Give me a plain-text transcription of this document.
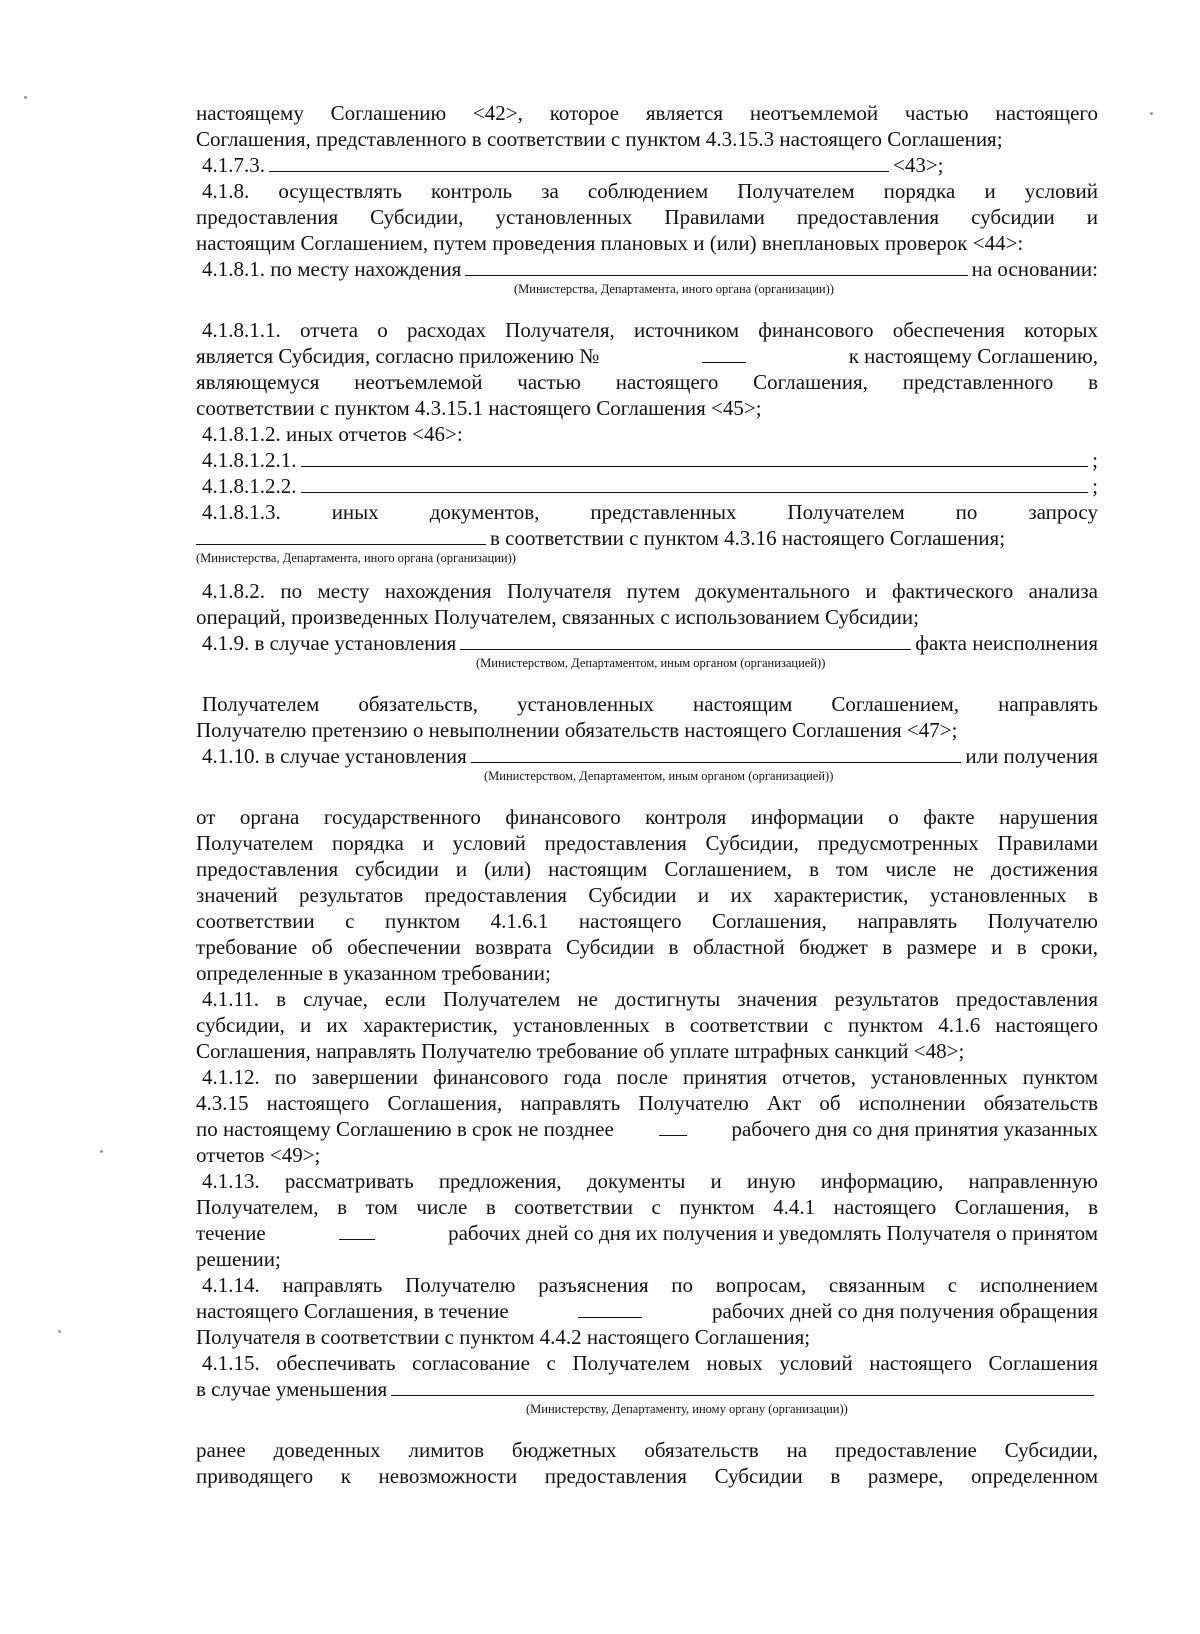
настоящему Соглашению <42>, которое является неотъемлемой частью настоящего
Соглашения, представленного в соответствии с пунктом 4.3.15.3 настоящего Соглашения;
4.1.7.3.	<43>;
4.1.8. осуществлять контроль за соблюдением Получателем порядка и условий
предоставления Субсидии, установленных Правилами предоставления субсидии и
настоящим Соглашением, путем проведения плановых и (или) внеплановых проверок <44>:
4.1.8.1. по месту нахождения	на основании:
(Министерства, Департамента, иного органа (организации))
4.1.8.1.1. отчета о расходах Получателя, источником финансового обеспечения которых
является Субсидия, согласно приложению №	к настоящему Соглашению,
являющемуся неотъемлемой частью настоящего Соглашения, представленного в
соответствии с пунктом 4.3.15.1 настоящего Соглашения <45>;
4.1.8.1.2. иных отчетов <46>:
4.1.8.1.2.1.	;
4.1.8.1.2.2.	;
4.1.8.1.3. иных документов, представленных Получателем по запросу
в соответствии с пунктом 4.3.16 настоящего Соглашения;
(Министерства, Департамента, иного органа (организации))
4.1.8.2. по месту нахождения Получателя путем документального и фактического анализа
операций, произведенных Получателем, связанных с использованием Субсидии;
4.1.9. в случае установления	факта неисполнения
(Министерством, Департаментом, иным органом (организацией))
Получателем обязательств, установленных настоящим Соглашением, направлять
Получателю претензию о невыполнении обязательств настоящего Соглашения <47>;
4.1.10. в случае установления	или получения
(Министерством, Департаментом, иным органом (организацией))
от органа государственного финансового контроля информации о факте нарушения
Получателем порядка и условий предоставления Субсидии, предусмотренных Правилами
предоставления субсидии и (или) настоящим Соглашением, в том числе не достижения
значений результатов предоставления Субсидии и их характеристик, установленных в
соответствии с пунктом 4.1.6.1 настоящего Соглашения, направлять Получателю
требование об обеспечении возврата Субсидии в областной бюджет в размере и в сроки,
определенные в указанном требовании;
4.1.11. в случае, если Получателем не достигнуты значения результатов предоставления
субсидии, и их характеристик, установленных в соответствии с пунктом 4.1.6 настоящего
Соглашения, направлять Получателю требование об уплате штрафных санкций <48>;
4.1.12. по завершении финансового года после принятия отчетов, установленных пунктом
4.3.15 настоящего Соглашения, направлять Получателю Акт об исполнении обязательств
по настоящему Соглашению в срок не позднее	рабочего дня со дня принятия указанных
отчетов <49>;
4.1.13. рассматривать предложения, документы и иную информацию, направленную
Получателем, в том числе в соответствии с пунктом 4.4.1 настоящего Соглашения, в
течение	рабочих дней со дня их получения и уведомлять Получателя о принятом
решении;
4.1.14. направлять Получателю разъяснения по вопросам, связанным с исполнением
настоящего Соглашения, в течение	рабочих дней со дня получения обращения
Получателя в соответствии с пунктом 4.4.2 настоящего Соглашения;
4.1.15. обеспечивать согласование с Получателем новых условий настоящего Соглашения
в случае уменьшения
(Министерству, Департаменту, иному органу (организации))
ранее доведенных лимитов бюджетных обязательств на предоставление Субсидии,
приводящего к невозможности предоставления Субсидии в размере, определенном
